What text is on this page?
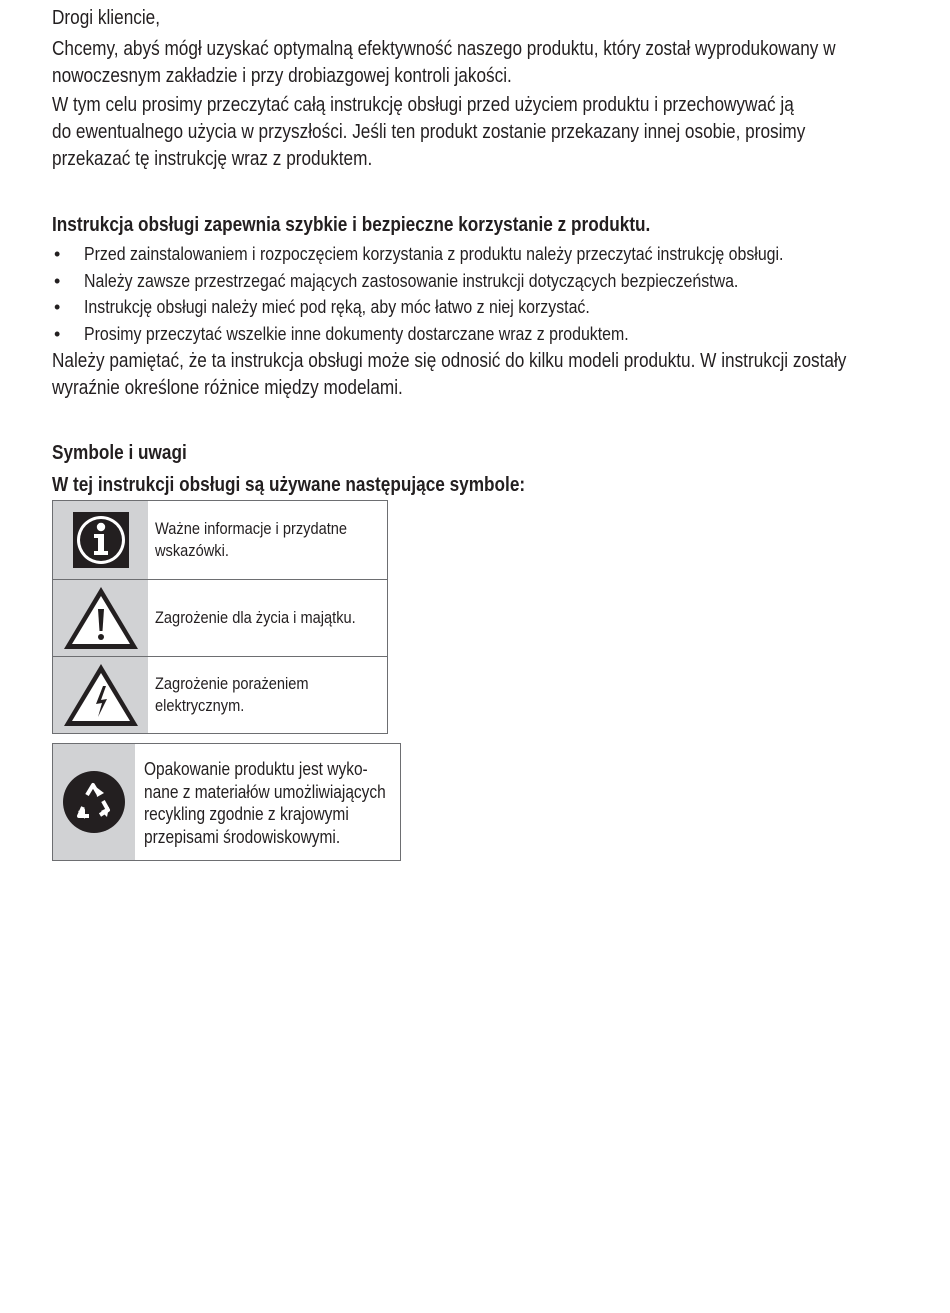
Drogi kliencie,
Chcemy, abyś mógł uzyskać optymalną efektywność naszego produktu, który został wyprodukowany w
nowoczesnym zakładzie i przy drobiazgowej kontroli jakości.
W tym celu prosimy przeczytać całą instrukcję obsługi przed użyciem produktu i przechowywać ją
do ewentualnego użycia w przyszłości. Jeśli ten produkt zostanie przekazany innej osobie, prosimy
przekazać tę instrukcję wraz z produktem.
Instrukcja obsługi zapewnia szybkie i bezpieczne korzystanie z produktu.
• Przed zainstalowaniem i rozpoczęciem korzystania z produktu należy przeczytać instrukcję obsługi.
• Należy zawsze przestrzegać mających zastosowanie instrukcji dotyczących bezpieczeństwa.
• Instrukcję obsługi należy mieć pod ręką, aby móc łatwo z niej korzystać.
• Prosimy przeczytać wszelkie inne dokumenty dostarczane wraz z produktem.
Należy pamiętać, że ta instrukcja obsługi może się odnosić do kilku modeli produktu. W instrukcji zostały
wyraźnie określone różnice między modelami.
Symbole i uwagi
W tej instrukcji obsługi są używane następujące symbole:
Ważne informacje i przydatne
wskazówki.
Zagrożenie dla życia i majątku.
Zagrożenie porażeniem
elektrycznym.
Opakowanie produktu jest wyko-
nane z materiałów umożliwiających
recykling zgodnie z krajowymi
przepisami środowiskowymi.
